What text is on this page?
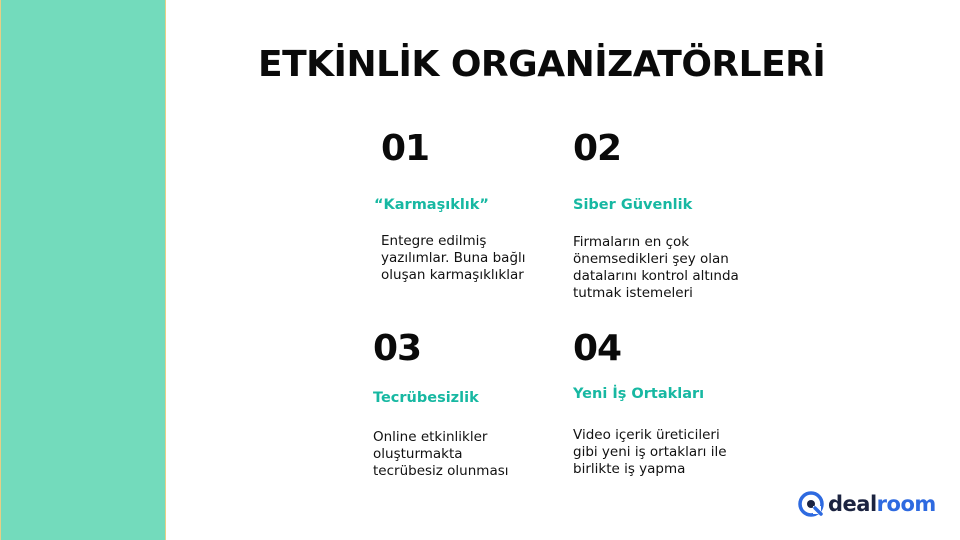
ETKİNLİK ORGANİZATÖRLERİ
01
“Karmaşıklık”
Entegre edilmiş yazılımlar. Buna bağlı oluşan karmaşıklıklar
02
Siber Güvenlik
Firmaların en çok önemsedikleri şey olan datalarını kontrol altında tutmak istemeleri
03
Tecrübesizlik
Online etkinlikler oluşturmakta tecrübesiz olunması
04
Yeni İş Ortakları
Video içerik üreticileri gibi yeni iş ortakları ile birlikte iş yapma
dealroom
